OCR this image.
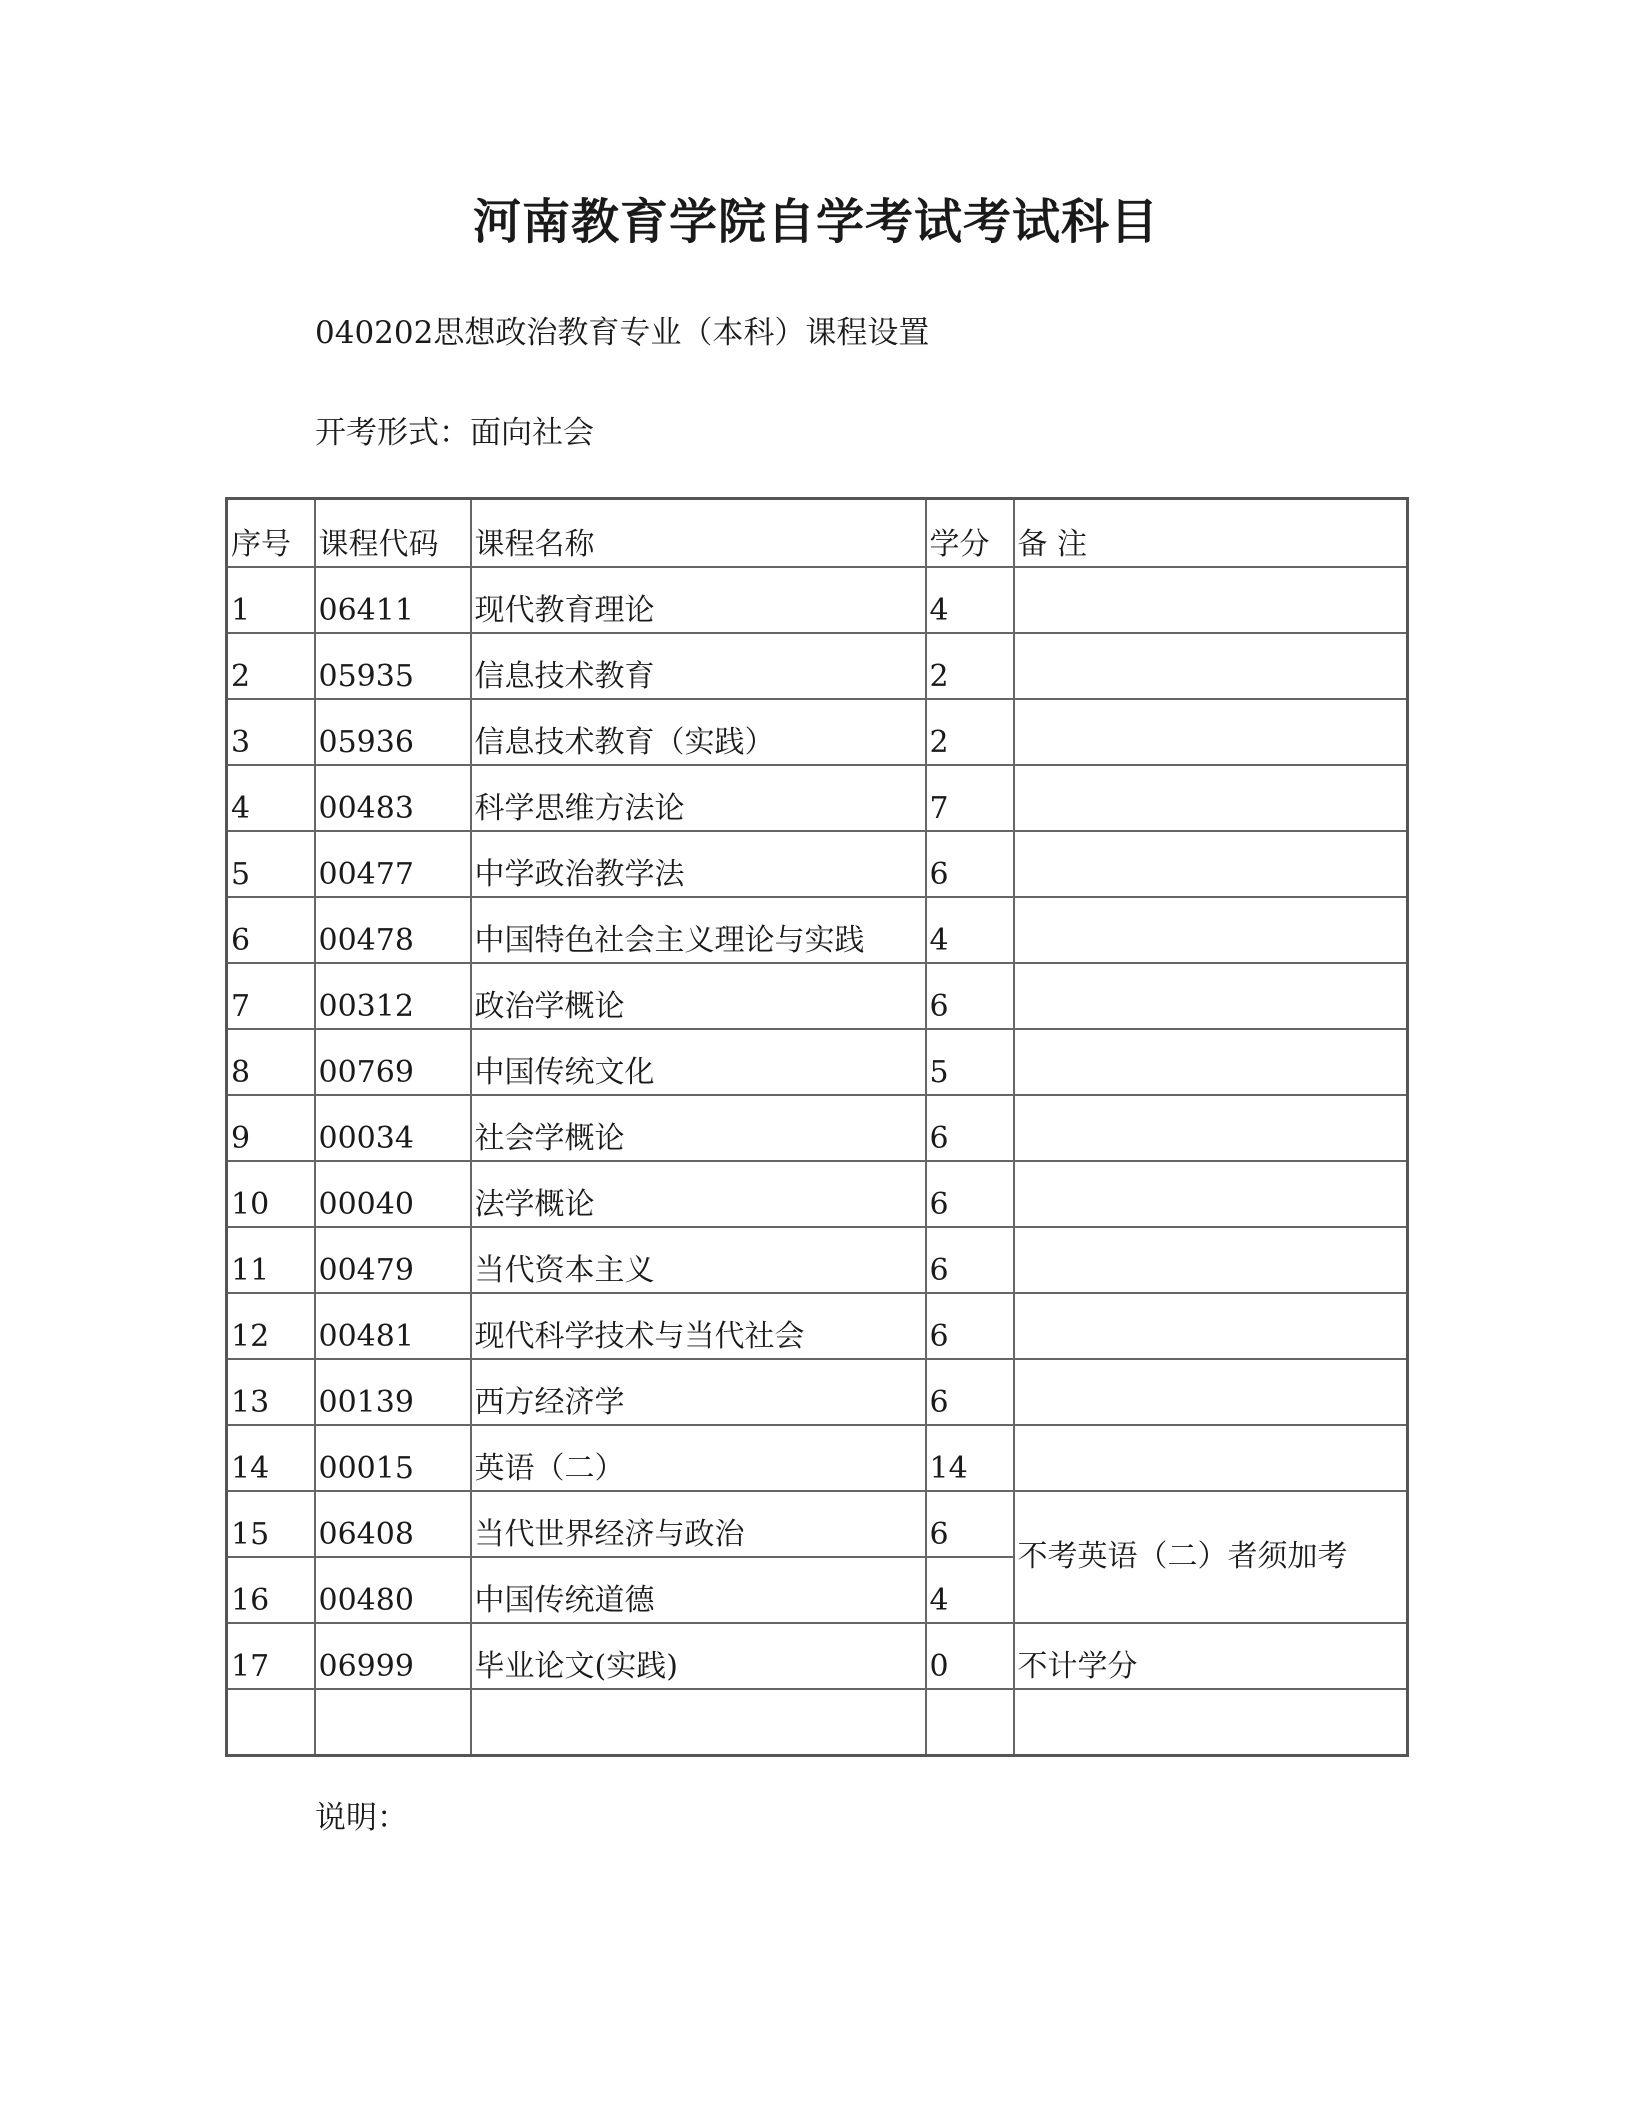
河南教育学院自学考试考试科目
040202思想政治教育专业（本科）课程设置
开考形式：面向社会
序号	课程代码	课程名称	学分	备 注
1	06411	现代教育理论	4	
2	05935	信息技术教育	2	
3	05936	信息技术教育（实践）	2	
4	00483	科学思维方法论	7	
5	00477	中学政治教学法	6	
6	00478	中国特色社会主义理论与实践	4	
7	00312	政治学概论	6	
8	00769	中国传统文化	5	
9	00034	社会学概论	6	
10	00040	法学概论	6	
11	00479	当代资本主义	6	
12	00481	现代科学技术与当代社会	6	
13	00139	西方经济学	6	
14	00015	英语（二）	14	
15	06408	当代世界经济与政治	6	不考英语（二）者须加考
16	00480	中国传统道德	4	
17	06999	毕业论文(实践)	0	不计学分

说明：
